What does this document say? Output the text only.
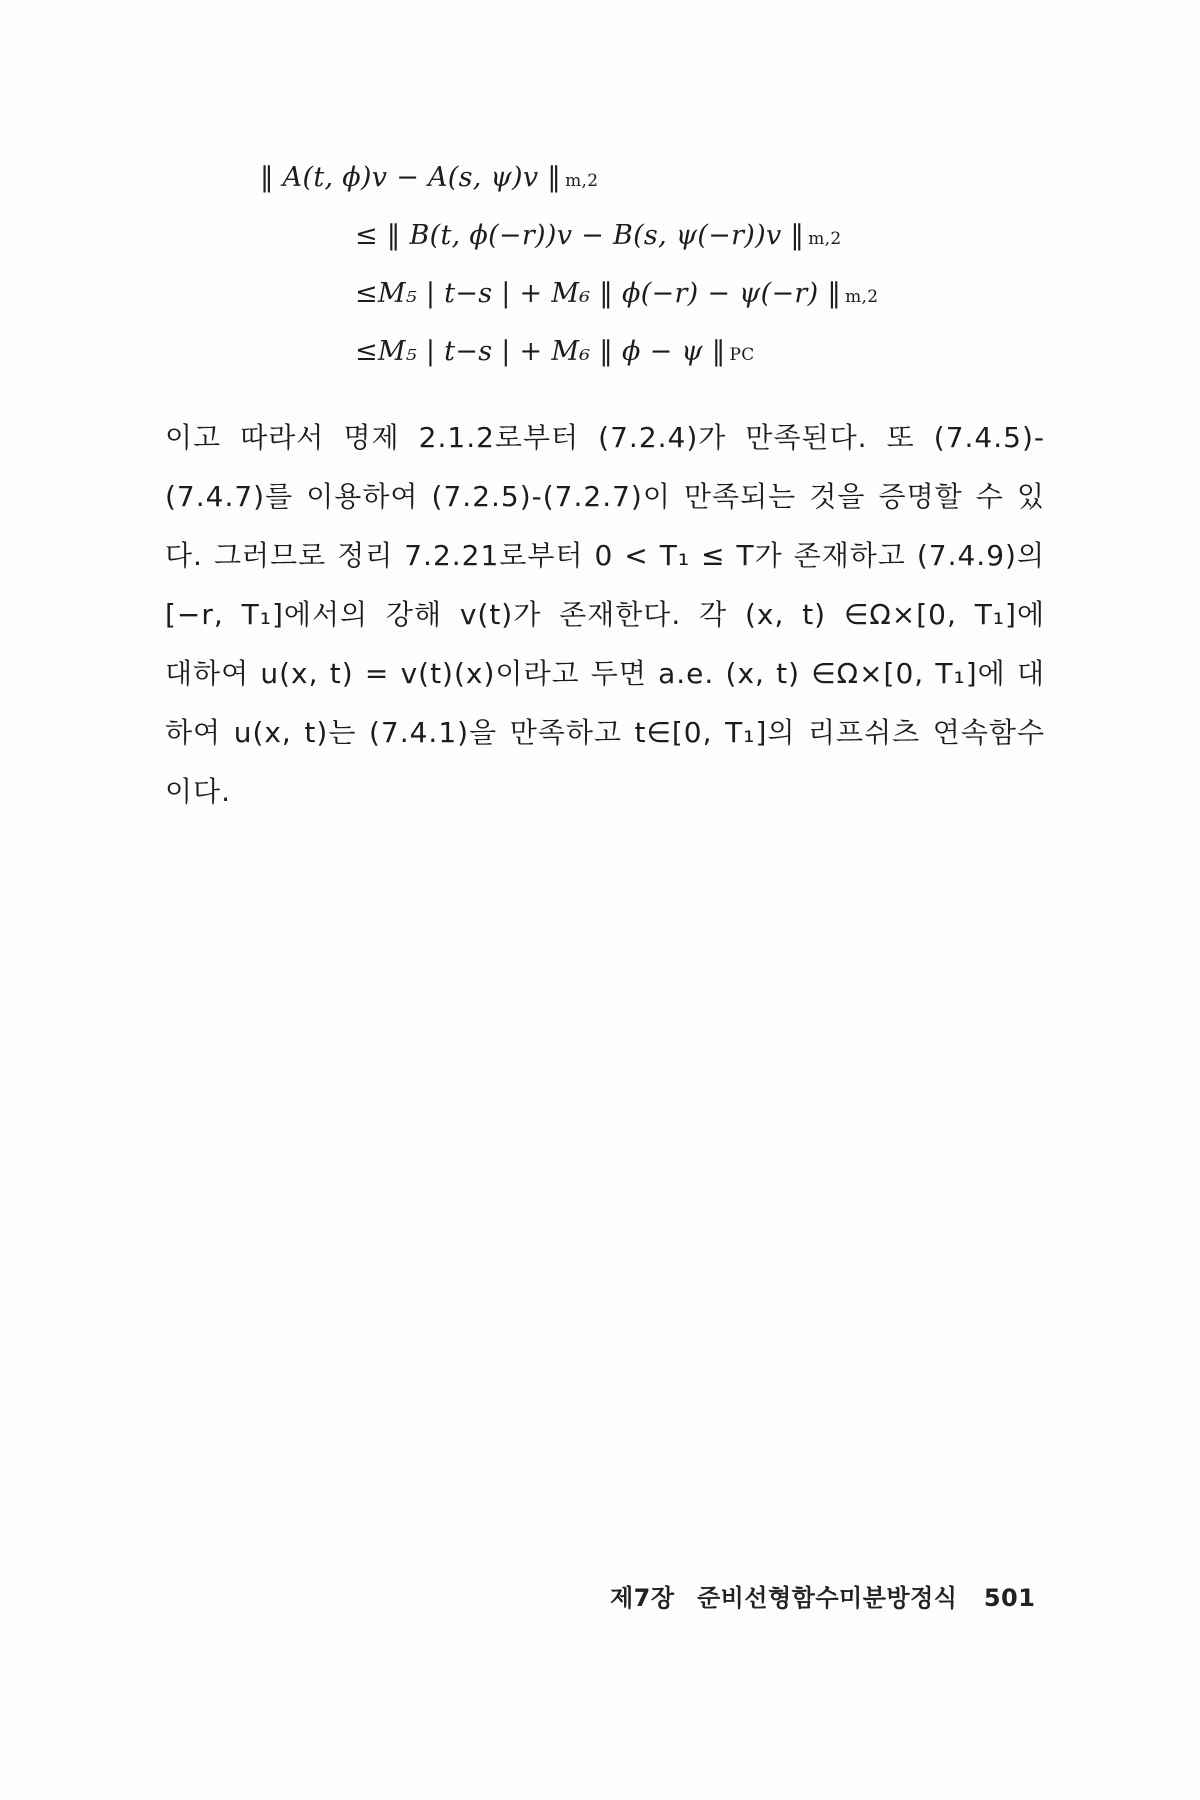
‖ A(t, ϕ)v − A(s, ψ)v ‖ m,2
≤ ‖ B(t, ϕ(−r))v − B(s, ψ(−r))v ‖ m,2
≤M₅ | t−s | + M₆ ‖ ϕ(−r) − ψ(−r) ‖ m,2
≤M₅ | t−s | + M₆ ‖ ϕ − ψ ‖ PC
이고 따라서 명제 2.1.2로부터 (7.2.4)가 만족된다. 또 (7.4.5)-
(7.4.7)를 이용하여 (7.2.5)-(7.2.7)이 만족되는 것을 증명할 수 있
다. 그러므로 정리 7.2.21로부터 0 < T₁ ≤ T가 존재하고 (7.4.9)의
[−r, T₁]에서의 강해 v(t)가 존재한다. 각 (x, t) ∈Ω×[0, T₁]에
대하여 u(x, t) = v(t)(x)이라고 두면 a.e. (x, t) ∈Ω×[0, T₁]에 대
하여 u(x, t)는 (7.4.1)을 만족하고 t∈[0, T₁]의 리프쉬츠 연속함수
이다.
제7장 준비선형함수미분방정식 501
